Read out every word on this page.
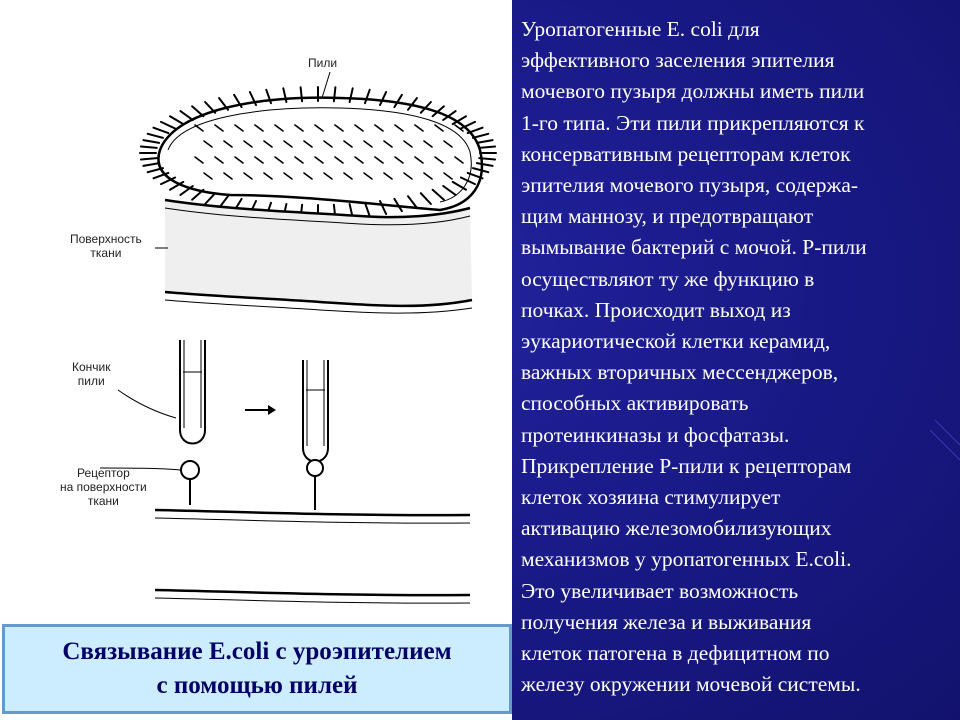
Пили
Поверхность
ткани
Кончик
пили
Рецептор
на поверхности
ткани
Связывание E.coli с уроэпителием
с помощью пилей
Уропатогенные E. coli для
эффективного заселения эпителия
мочевого пузыря должны иметь пили
1-го типа. Эти пили прикрепляются к
консервативным рецепторам клеток
эпителия мочевого пузыря, содержа-
щим маннозу, и предотвращают
вымывание бактерий с мочой. Р-пили
осуществляют ту же функцию в
почках. Происходит выход из
эукариотической клетки керамид,
важных вторичных мессенджеров,
способных активировать
протеинкиназы и фосфатазы.
Прикрепление Р-пили к рецепторам
клеток хозяина стимулирует
активацию железомобилизующих
механизмов у уропатогенных E.coli.
Это увеличивает возможность
получения железа и выживания
клеток патогена в дефицитном по
железу окружении мочевой системы.
